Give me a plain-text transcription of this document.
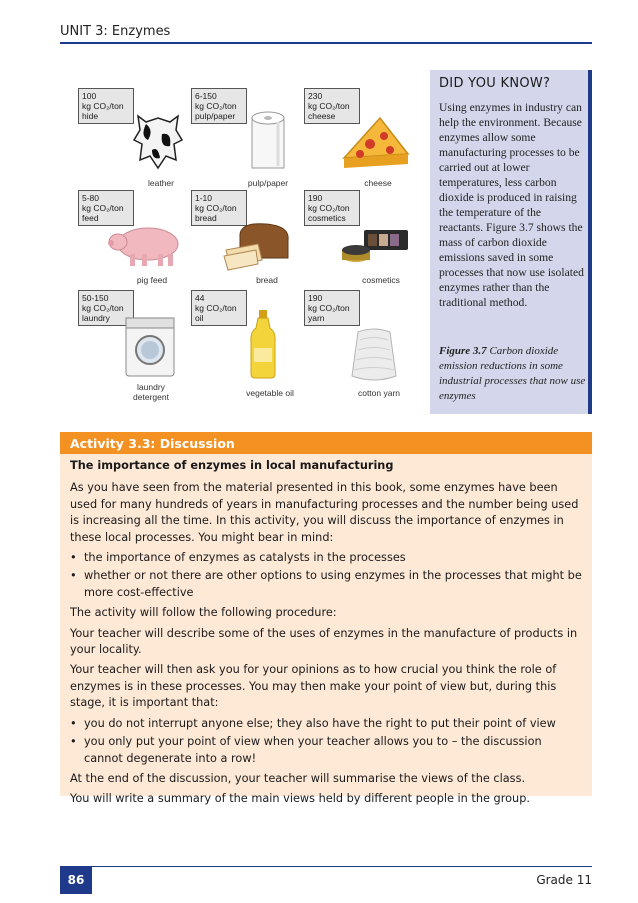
UNIT 3: Enzymes
100
kg CO₂/ton
hide
leather
6-150
kg CO₂/ton
pulp/paper
pulp/paper
230
kg CO₂/ton
cheese
cheese
5-80
kg CO₂/ton
feed
pig feed
1-10
kg CO₂/ton
bread
bread
190
kg CO₂/ton
cosmetics
cosmetics
50-150
kg CO₂/ton
laundry
laundry detergent
44
kg CO₂/ton
oil
vegetable oil
190
kg CO₂/ton
yarn
cotton yarn
DID YOU KNOW?
Using enzymes in industry can help the environment. Because enzymes allow some manufacturing processes to be carried out at lower temperatures, less carbon dioxide is produced in raising the temperature of the reactants. Figure 3.7 shows the mass of carbon dioxide emissions saved in some processes that now use isolated enzymes rather than the traditional method.
Figure 3.7 Carbon dioxide emission reductions in some industrial processes that now use enzymes
Activity 3.3: Discussion

The importance of enzymes in local manufacturing

As you have seen from the material presented in this book, some enzymes have been used for many hundreds of years in manufacturing processes and the number being used is increasing all the time. In this activity, you will discuss the importance of enzymes in these local processes. You might bear in mind:

• the importance of enzymes as catalysts in the processes
• whether or not there are other options to using enzymes in the processes that might be more cost-effective

The activity will follow the following procedure:

Your teacher will describe some of the uses of enzymes in the manufacture of products in your locality.

Your teacher will then ask you for your opinions as to how crucial you think the role of enzymes is in these processes. You may then make your point of view but, during this stage, it is important that:

• you do not interrupt anyone else; they also have the right to put their point of view
• you only put your point of view when your teacher allows you to – the discussion cannot degenerate into a row!

At the end of the discussion, your teacher will summarise the views of the class.

You will write a summary of the main views held by different people in the group.

86	Grade 11
